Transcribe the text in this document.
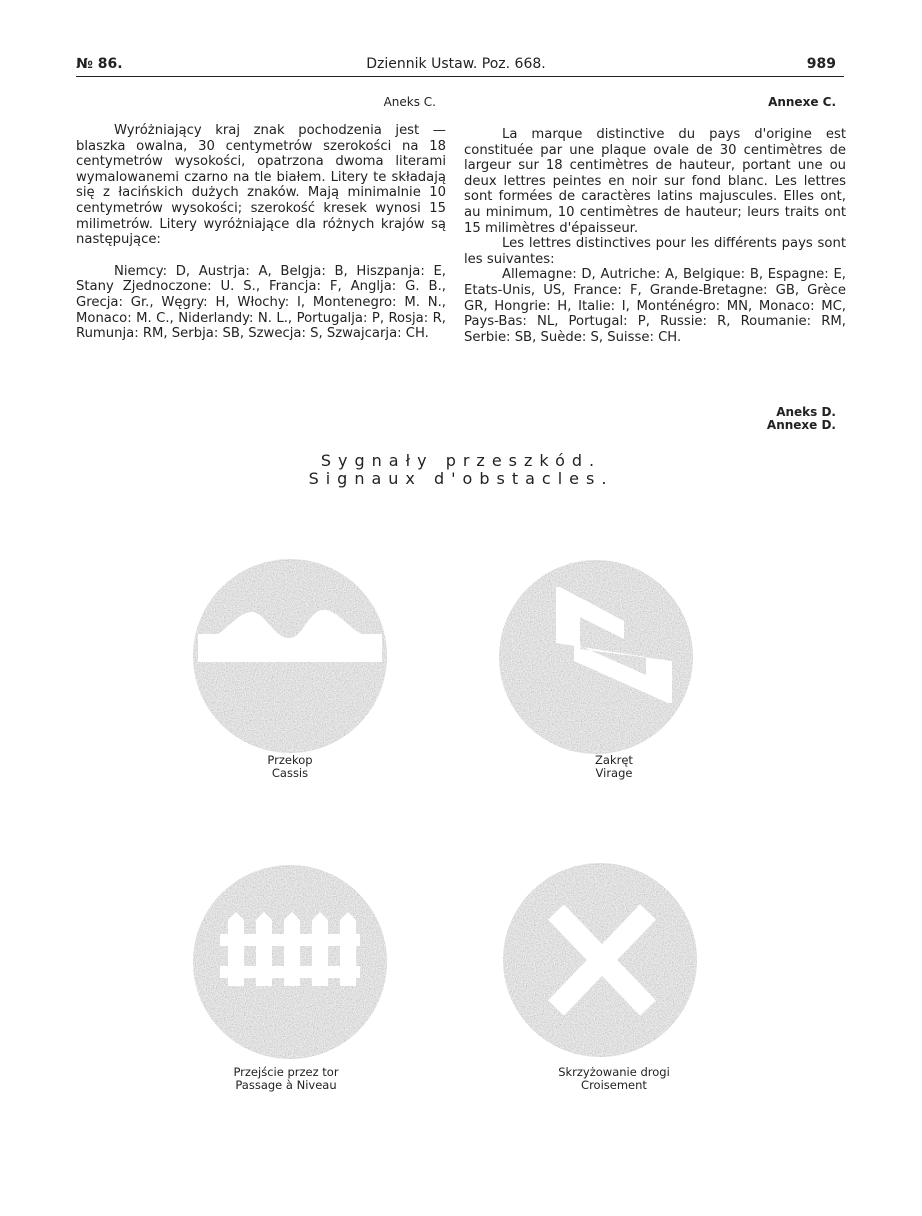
№ 86.	Dziennik Ustaw. Poz. 668.	989
Aneks C.	Annexe C.

Wyróżniający kraj znak pochodzenia jest — blaszka owalna, 30 centymetrów szerokości na 18 centymetrów wysokości, opatrzona dwoma literami wymalowanemi czarno na tle białem. Litery te składają się z łacińskich dużych znaków. Mają minimalnie 10 centymetrów wysokości; szerokość kresek wynosi 15 milimetrów. Litery wyróżniające dla różnych krajów są następujące:

Niemcy: D, Austrja: A, Belgja: B, Hiszpanja: E, Stany Zjednoczone: U. S., Francja: F, Anglja: G. B., Grecja: Gr., Węgry: H, Włochy: I, Montenegro: M. N., Monaco: M. C., Niderlandy: N. L., Portugalja: P, Rosja: R, Rumunja: RM, Serbja: SB, Szwecja: S, Szwajcarja: CH.

La marque distinctive du pays d'origine est constituée par une plaque ovale de 30 centimètres de largeur sur 18 centimètres de hauteur, portant une ou deux lettres peintes en noir sur fond blanc. Les lettres sont formées de caractères latins majuscules. Elles ont, au minimum, 10 centimètres de hauteur; leurs traits ont 15 milimètres d'épaisseur.

Les lettres distinctives pour les différents pays sont les suivantes:

Allemagne: D, Autriche: A, Belgique: B, Espagne: E, Etats-Unis, US, France: F, Grande-Bretagne: GB, Grèce GR, Hongrie: H, Italie: I, Monténégro: MN, Monaco: MC, Pays-Bas: NL, Portugal: P, Russie: R, Roumanie: RM, Serbie: SB, Suède: S, Suisse: CH.

Aneks D.
Annexe D.
Sygnały przeszkód.
Signaux d'obstacles.
Przekop
Cassis
Zakręt
Virage
Przejście przez tor
Passage à Niveau
Skrzyżowanie drogi
Croisement
